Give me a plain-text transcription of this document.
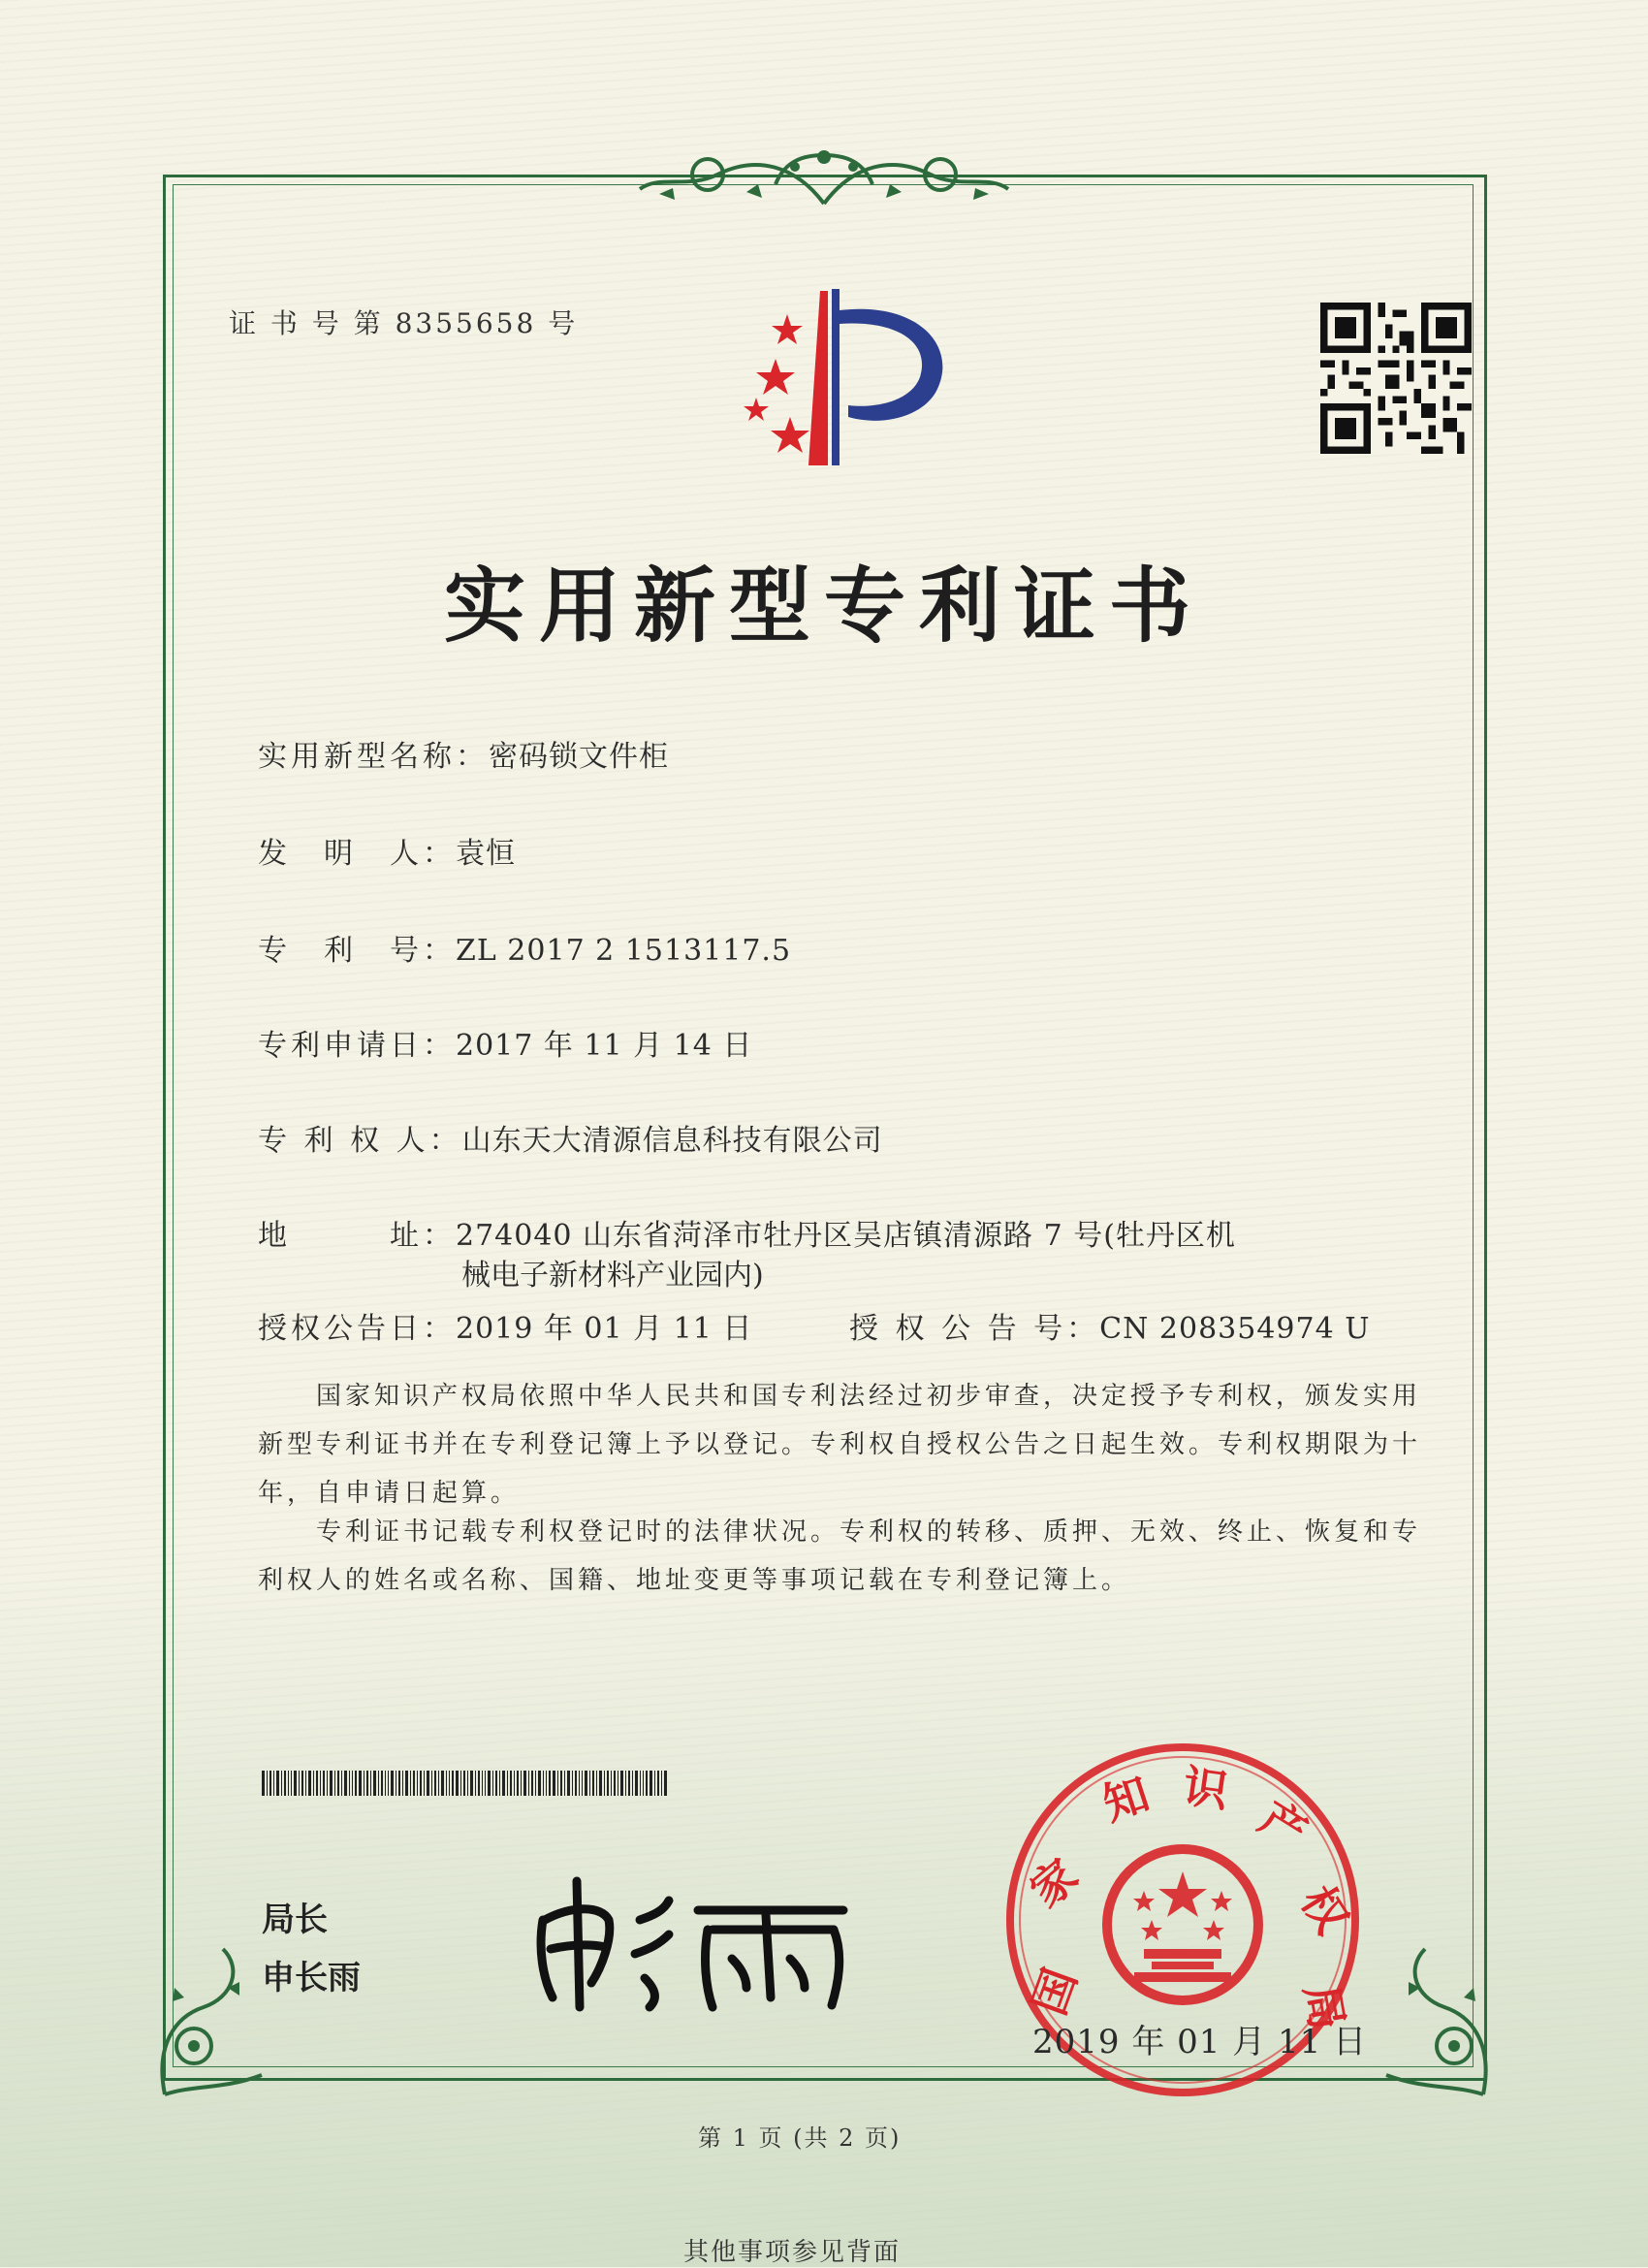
证 书 号 第 8355658 号
实用新型专利证书
实用新型名称：密码锁文件柜
发　明　人：袁恒
专　利　号：ZL 2017 2 1513117.5
专利申请日：2017 年 11 月 14 日
专 利 权 人：山东天大清源信息科技有限公司
地　　　址：274040 山东省菏泽市牡丹区吴店镇清源路 7 号(牡丹区机
械电子新材料产业园内)
授权公告日：2019 年 01 月 11 日	授 权 公 告 号：CN 208354974 U
国家知识产权局依照中华人民共和国专利法经过初步审查，决定授予专利权，颁发实用新型专利证书并在专利登记簿上予以登记。专利权自授权公告之日起生效。专利权期限为十年，自申请日起算。
专利证书记载专利权登记时的法律状况。专利权的转移、质押、无效、终止、恢复和专利权人的姓名或名称、国籍、地址变更等事项记载在专利登记簿上。
局长
申长雨	国
家
知 识
产
权
局
2019 年 01 月 11 日
第 1 页 (共 2 页)
其他事项参见背面
